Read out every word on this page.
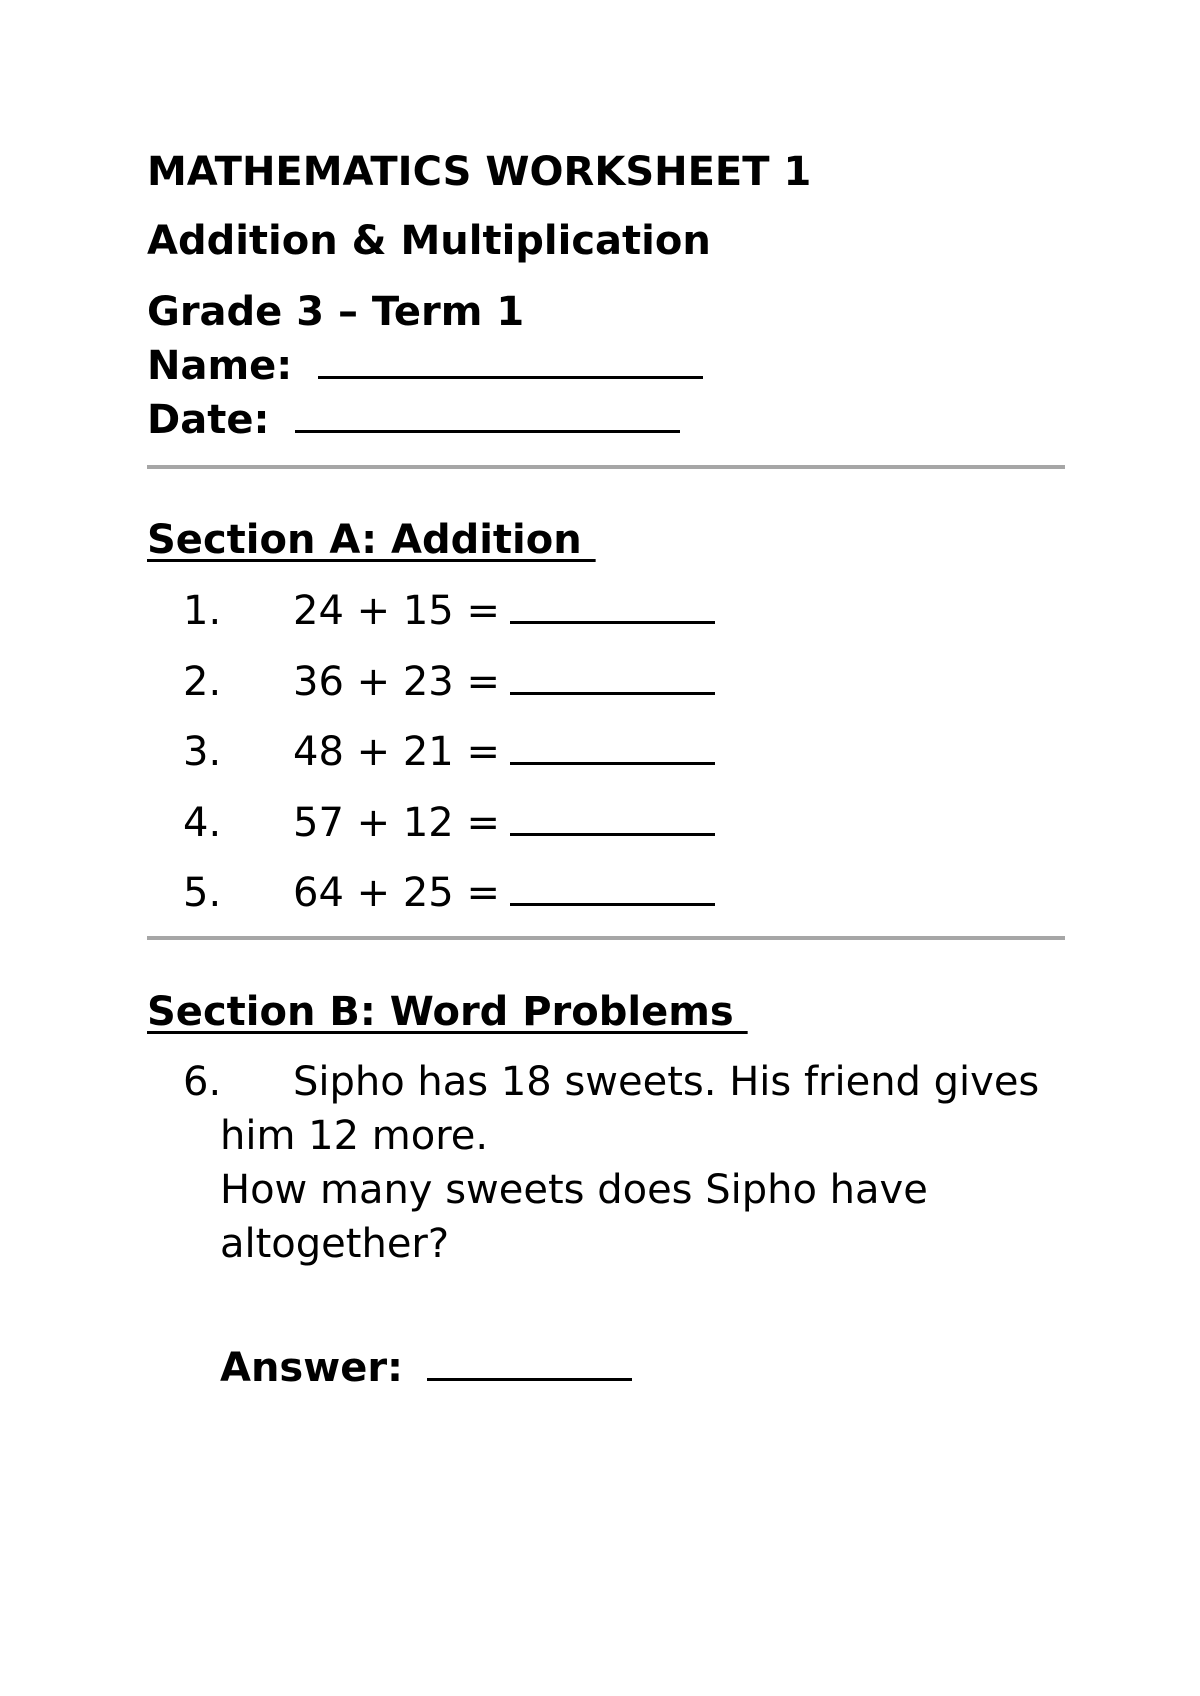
MATHEMATICS WORKSHEET 1
Addition & Multiplication
Grade 3 – Term 1
Name:
Date:
Section A: Addition
1. 24 + 15 =
2. 36 + 23 =
3. 48 + 21 =
4. 57 + 12 =
5. 64 + 25 =
Section B: Word Problems
6. Sipho has 18 sweets. His friend gives
him 12 more.
How many sweets does Sipho have
altogether?
Answer:
